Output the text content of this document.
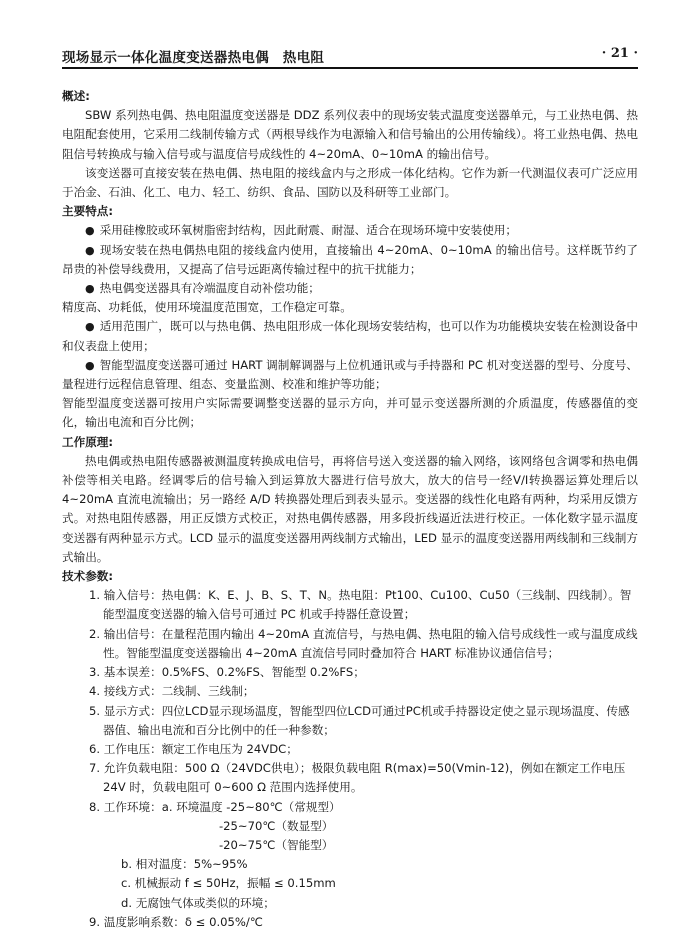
现场显示一体化温度变送器热电偶　热电阻	· 21 ·

概述:

SBW 系列热电偶、热电阻温度变送器是 DDZ 系列仪表中的现场安装式温度变送器单元，与工业热电偶、热电阻配套使用，它采用二线制传输方式（两根导线作为电源输入和信号输出的公用传输线）。将工业热电偶、热电阻信号转换成与输入信号或与温度信号成线性的 4~20mA、0~10mA 的输出信号。

该变送器可直接安装在热电偶、热电阻的接线盒内与之形成一体化结构。它作为新一代测温仪表可广泛应用于冶金、石油、化工、电力、轻工、纺织、食品、国防以及科研等工业部门。

主要特点:

● 采用硅橡胶或环氧树脂密封结构，因此耐震、耐湿、适合在现场环境中安装使用；

● 现场安装在热电偶热电阻的接线盒内使用，直接输出 4~20mA、0~10mA 的输出信号。这样既节约了昂贵的补偿导线费用，又提高了信号远距离传输过程中的抗干扰能力；

● 热电偶变送器具有冷端温度自动补偿功能；

精度高、功耗低，使用环境温度范围宽，工作稳定可靠。

● 适用范围广，既可以与热电偶、热电阻形成一体化现场安装结构，也可以作为功能模块安装在检测设备中和仪表盘上使用；

● 智能型温度变送器可通过 HART 调制解调器与上位机通讯或与手持器和 PC 机对变送器的型号、分度号、量程进行远程信息管理、组态、变量监测、校准和维护等功能；

智能型温度变送器可按用户实际需要调整变送器的显示方向，并可显示变送器所测的介质温度，传感器值的变化，输出电流和百分比例；

工作原理:

热电偶或热电阻传感器被测温度转换成电信号，再将信号送入变送器的输入网络，该网络包含调零和热电偶补偿等相关电路。经调零后的信号输入到运算放大器进行信号放大，放大的信号一经V/I转换器运算处理后以4~20mA 直流电流输出；另一路经 A/D 转换器处理后到表头显示。变送器的线性化电路有两种，均采用反馈方式。对热电阻传感器，用正反馈方式校正，对热电偶传感器，用多段折线逼近法进行校正。一体化数字显示温度变送器有两种显示方式。LCD 显示的温度变送器用两线制方式输出，LED 显示的温度变送器用两线制和三线制方式输出。

技术参数:

1. 输入信号：热电偶：K、E、J、B、S、T、N。热电阻：Pt100、Cu100、Cu50（三线制、四线制）。智能型温度变送器的输入信号可通过 PC 机或手持器任意设置；

2. 输出信号：在量程范围内输出 4~20mA 直流信号，与热电偶、热电阻的输入信号成线性一或与温度成线性。智能型温度变送器输出 4~20mA 直流信号同时叠加符合 HART 标准协议通信信号；

3. 基本误差：0.5%FS、0.2%FS、智能型 0.2%FS；

4. 接线方式：二线制、三线制；

5. 显示方式：四位LCD显示现场温度，智能型四位LCD可通过PC机或手持器设定使之显示现场温度、传感器值、输出电流和百分比例中的任一种参数；

6. 工作电压：额定工作电压为 24VDC；

7. 允许负载电阻：500 Ω（24VDC供电）；极限负载电阻 R(max)=50(Vmin-12)，例如在额定工作电压 24V 时，负载电阻可 0~600 Ω 范围内选择使用。

8. 工作环境：a. 环境温度 -25~80℃（常规型）

-25~70℃（数显型）

-20~75℃（智能型）

b. 相对温度：5%~95%

c. 机械振动 f ≤ 50Hz，振幅 ≤ 0.15mm

d. 无腐蚀气体或类似的环境；

9. 温度影响系数：δ ≤ 0.05%/℃
